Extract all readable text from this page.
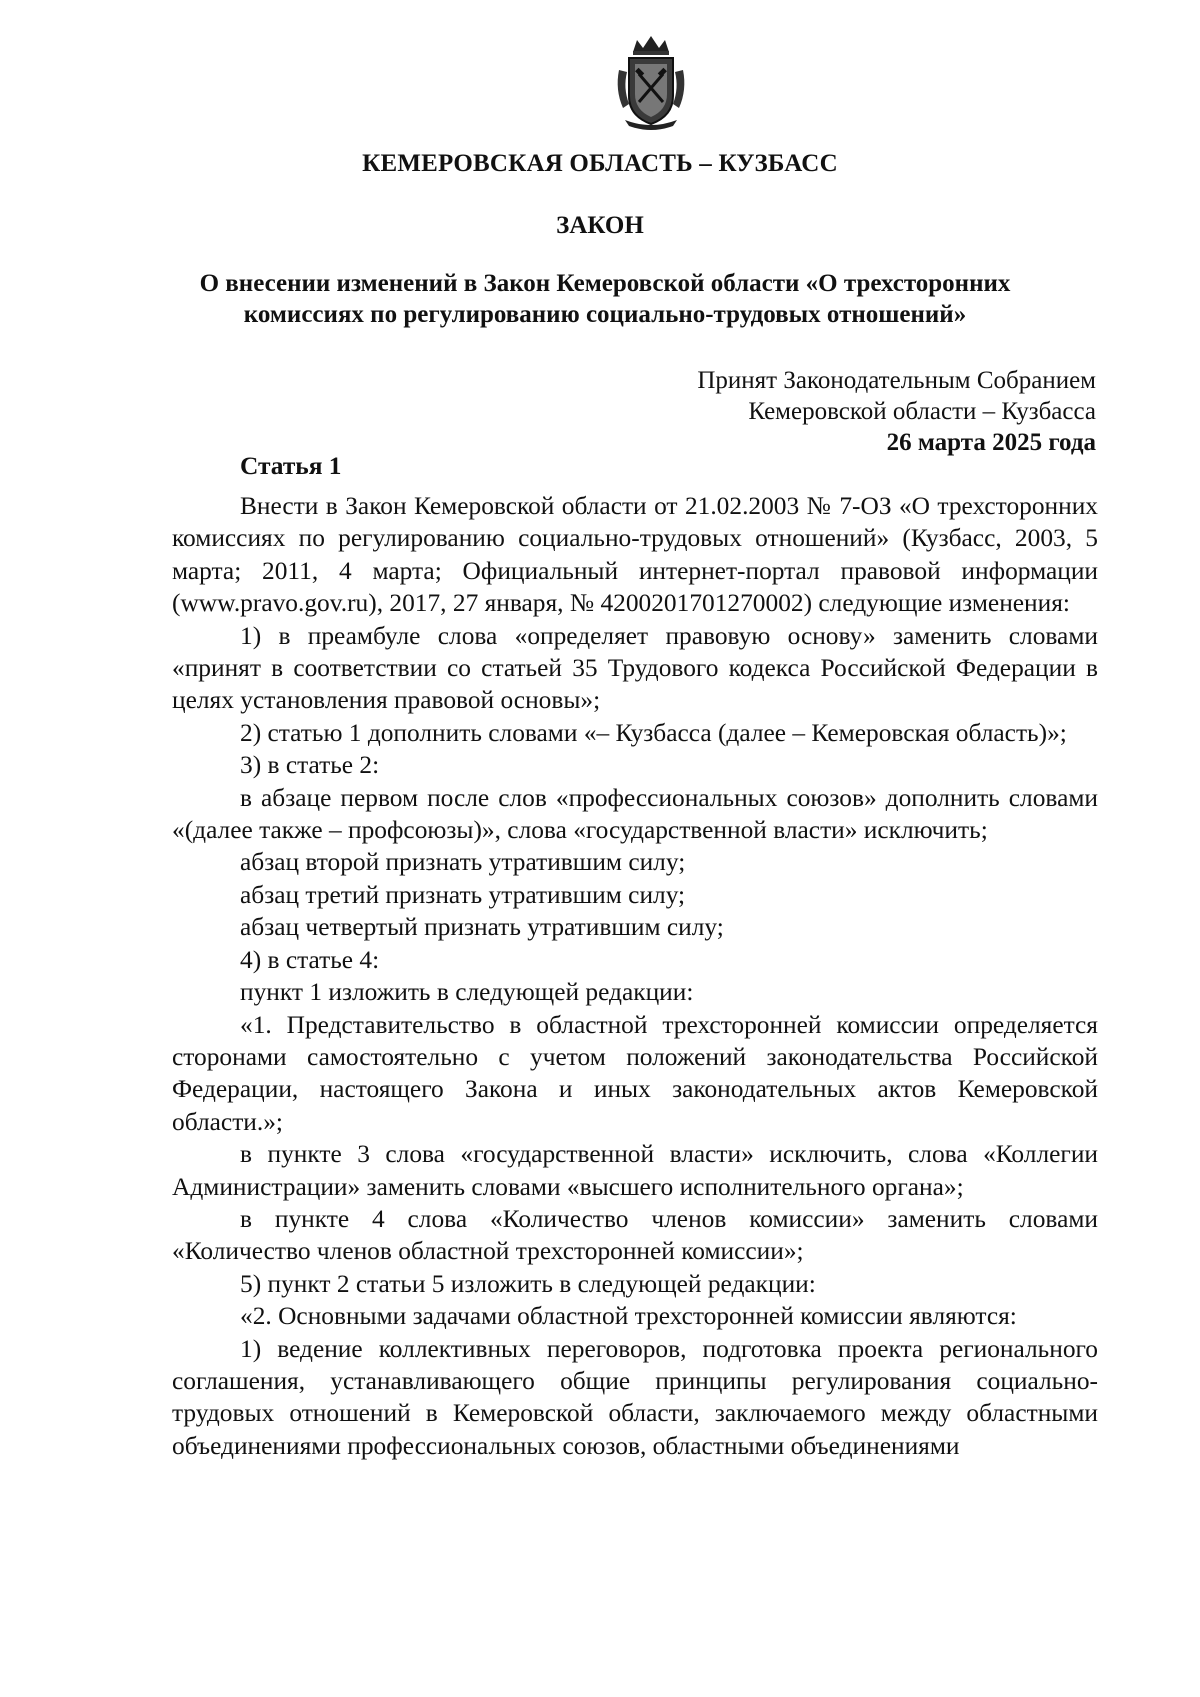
КЕМЕРОВСКАЯ ОБЛАСТЬ – КУЗБАСС
ЗАКОН
О внесении изменений в Закон Кемеровской области «О трехсторонних
комиссиях по регулированию социально-трудовых отношений»
Принят Законодательным Собранием
Кемеровской области – Кузбасса
26 марта 2025 года
Статья 1

Внести в Закон Кемеровской области от 21.02.2003 № 7-ОЗ «О трехсторонних комиссиях по регулированию социально-трудовых отношений» (Кузбасс, 2003, 5 марта; 2011, 4 марта; Официальный интернет-портал правовой информации (www.pravo.gov.ru), 2017, 27 января, № 4200201701270002) следующие изменения:

1) в преамбуле слова «определяет правовую основу» заменить словами «принят в соответствии со статьей 35 Трудового кодекса Российской Федерации в целях установления правовой основы»;

2) статью 1 дополнить словами «– Кузбасса (далее – Кемеровская область)»;

3) в статье 2:

в абзаце первом после слов «профессиональных союзов» дополнить словами «(далее также – профсоюзы)», слова «государственной власти» исключить;

абзац второй признать утратившим силу;

абзац третий признать утратившим силу;

абзац четвертый признать утратившим силу;

4) в статье 4:

пункт 1 изложить в следующей редакции:

«1. Представительство в областной трехсторонней комиссии определяется сторонами самостоятельно с учетом положений законодательства Российской Федерации, настоящего Закона и иных законодательных актов Кемеровской области.»;

в пункте 3 слова «государственной власти» исключить, слова «Коллегии Администрации» заменить словами «высшего исполнительного органа»;

в пункте 4 слова «Количество членов комиссии» заменить словами «Количество членов областной трехсторонней комиссии»;

5) пункт 2 статьи 5 изложить в следующей редакции:

«2. Основными задачами областной трехсторонней комиссии являются:

1) ведение коллективных переговоров, подготовка проекта регионального соглашения, устанавливающего общие принципы регулирования социально-трудовых отношений в Кемеровской области, заключаемого между областными объединениями профессиональных союзов, областными объединениями
